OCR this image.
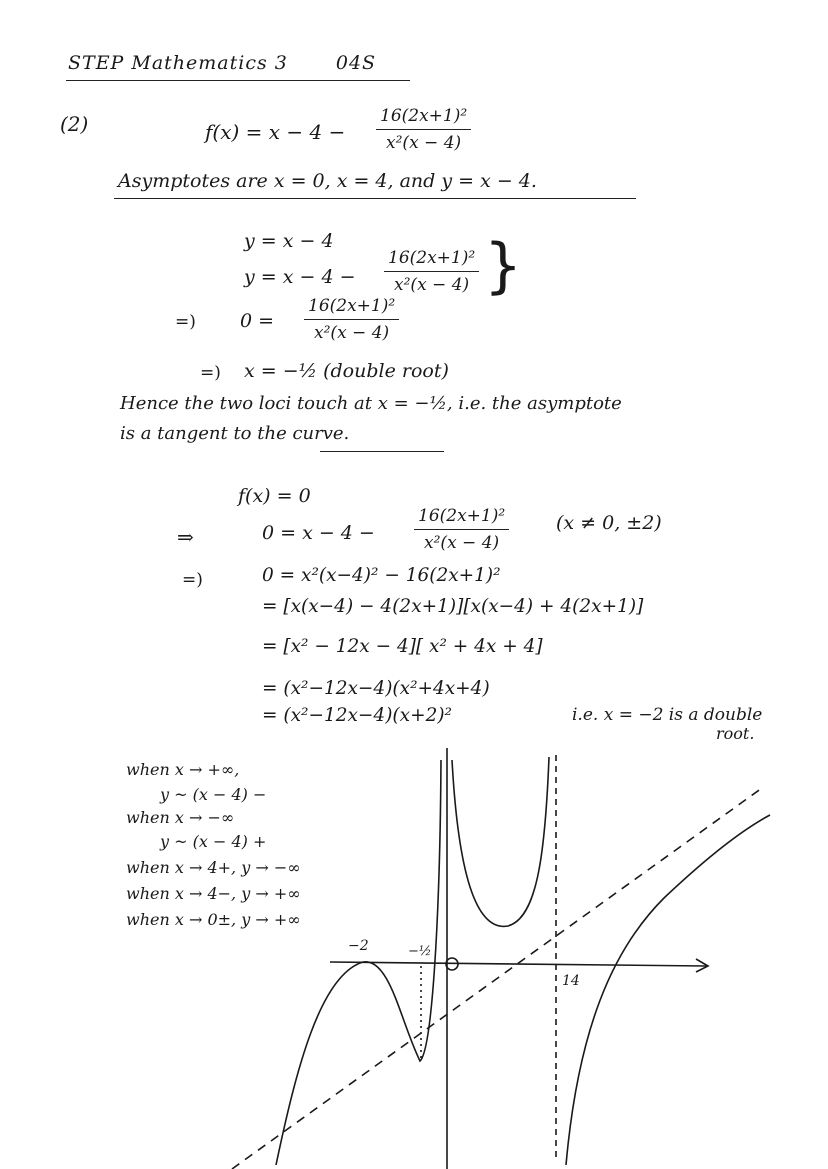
STEP Mathematics 3	04S
(2)	$f(x) = x - 4 - \frac{\text{16(2x+1)²}}{\text{x²(x − 4)}}$
Asymptotes are x = 0, x = 4, and y = x − 4.
y = x − 4
$y = x - 4 - \frac{\text{16(2x+1)²}}{\text{x²(x − 4)}}$ }
=) $0 = \frac{\text{16(2x+1)²}}{\text{x²(x − 4)}}$
=) x = −½ (double root)
Hence the two loci touch at x = −½, i.e. the asymptote
is a tangent to the curve.
f(x) = 0
⇒	$0 = x - 4 - \frac{\text{16(2x+1)²}}{\text{x²(x − 4)}} (x \ne 0$, ±2)
=)	0 = x²(x−4)² − 16(2x+1)²
= [x(x−4) − 4(2x+1)][x(x−4) + 4(2x+1)]
= [x² − 12x − 4][ x² + 4x + 4]
= (x²−12x−4)(x²+4x+4)
= (x²−12x−4)(x+2)²	i.e. x = −2 is a double
root.
when x → +∞,
y ~ (x − 4) −
when x → −∞
y ~ (x − 4) +
when x → 4+, y → −∞
when x → 4−, y → +∞
when x → 0±, y → +∞
−2	−½
14
